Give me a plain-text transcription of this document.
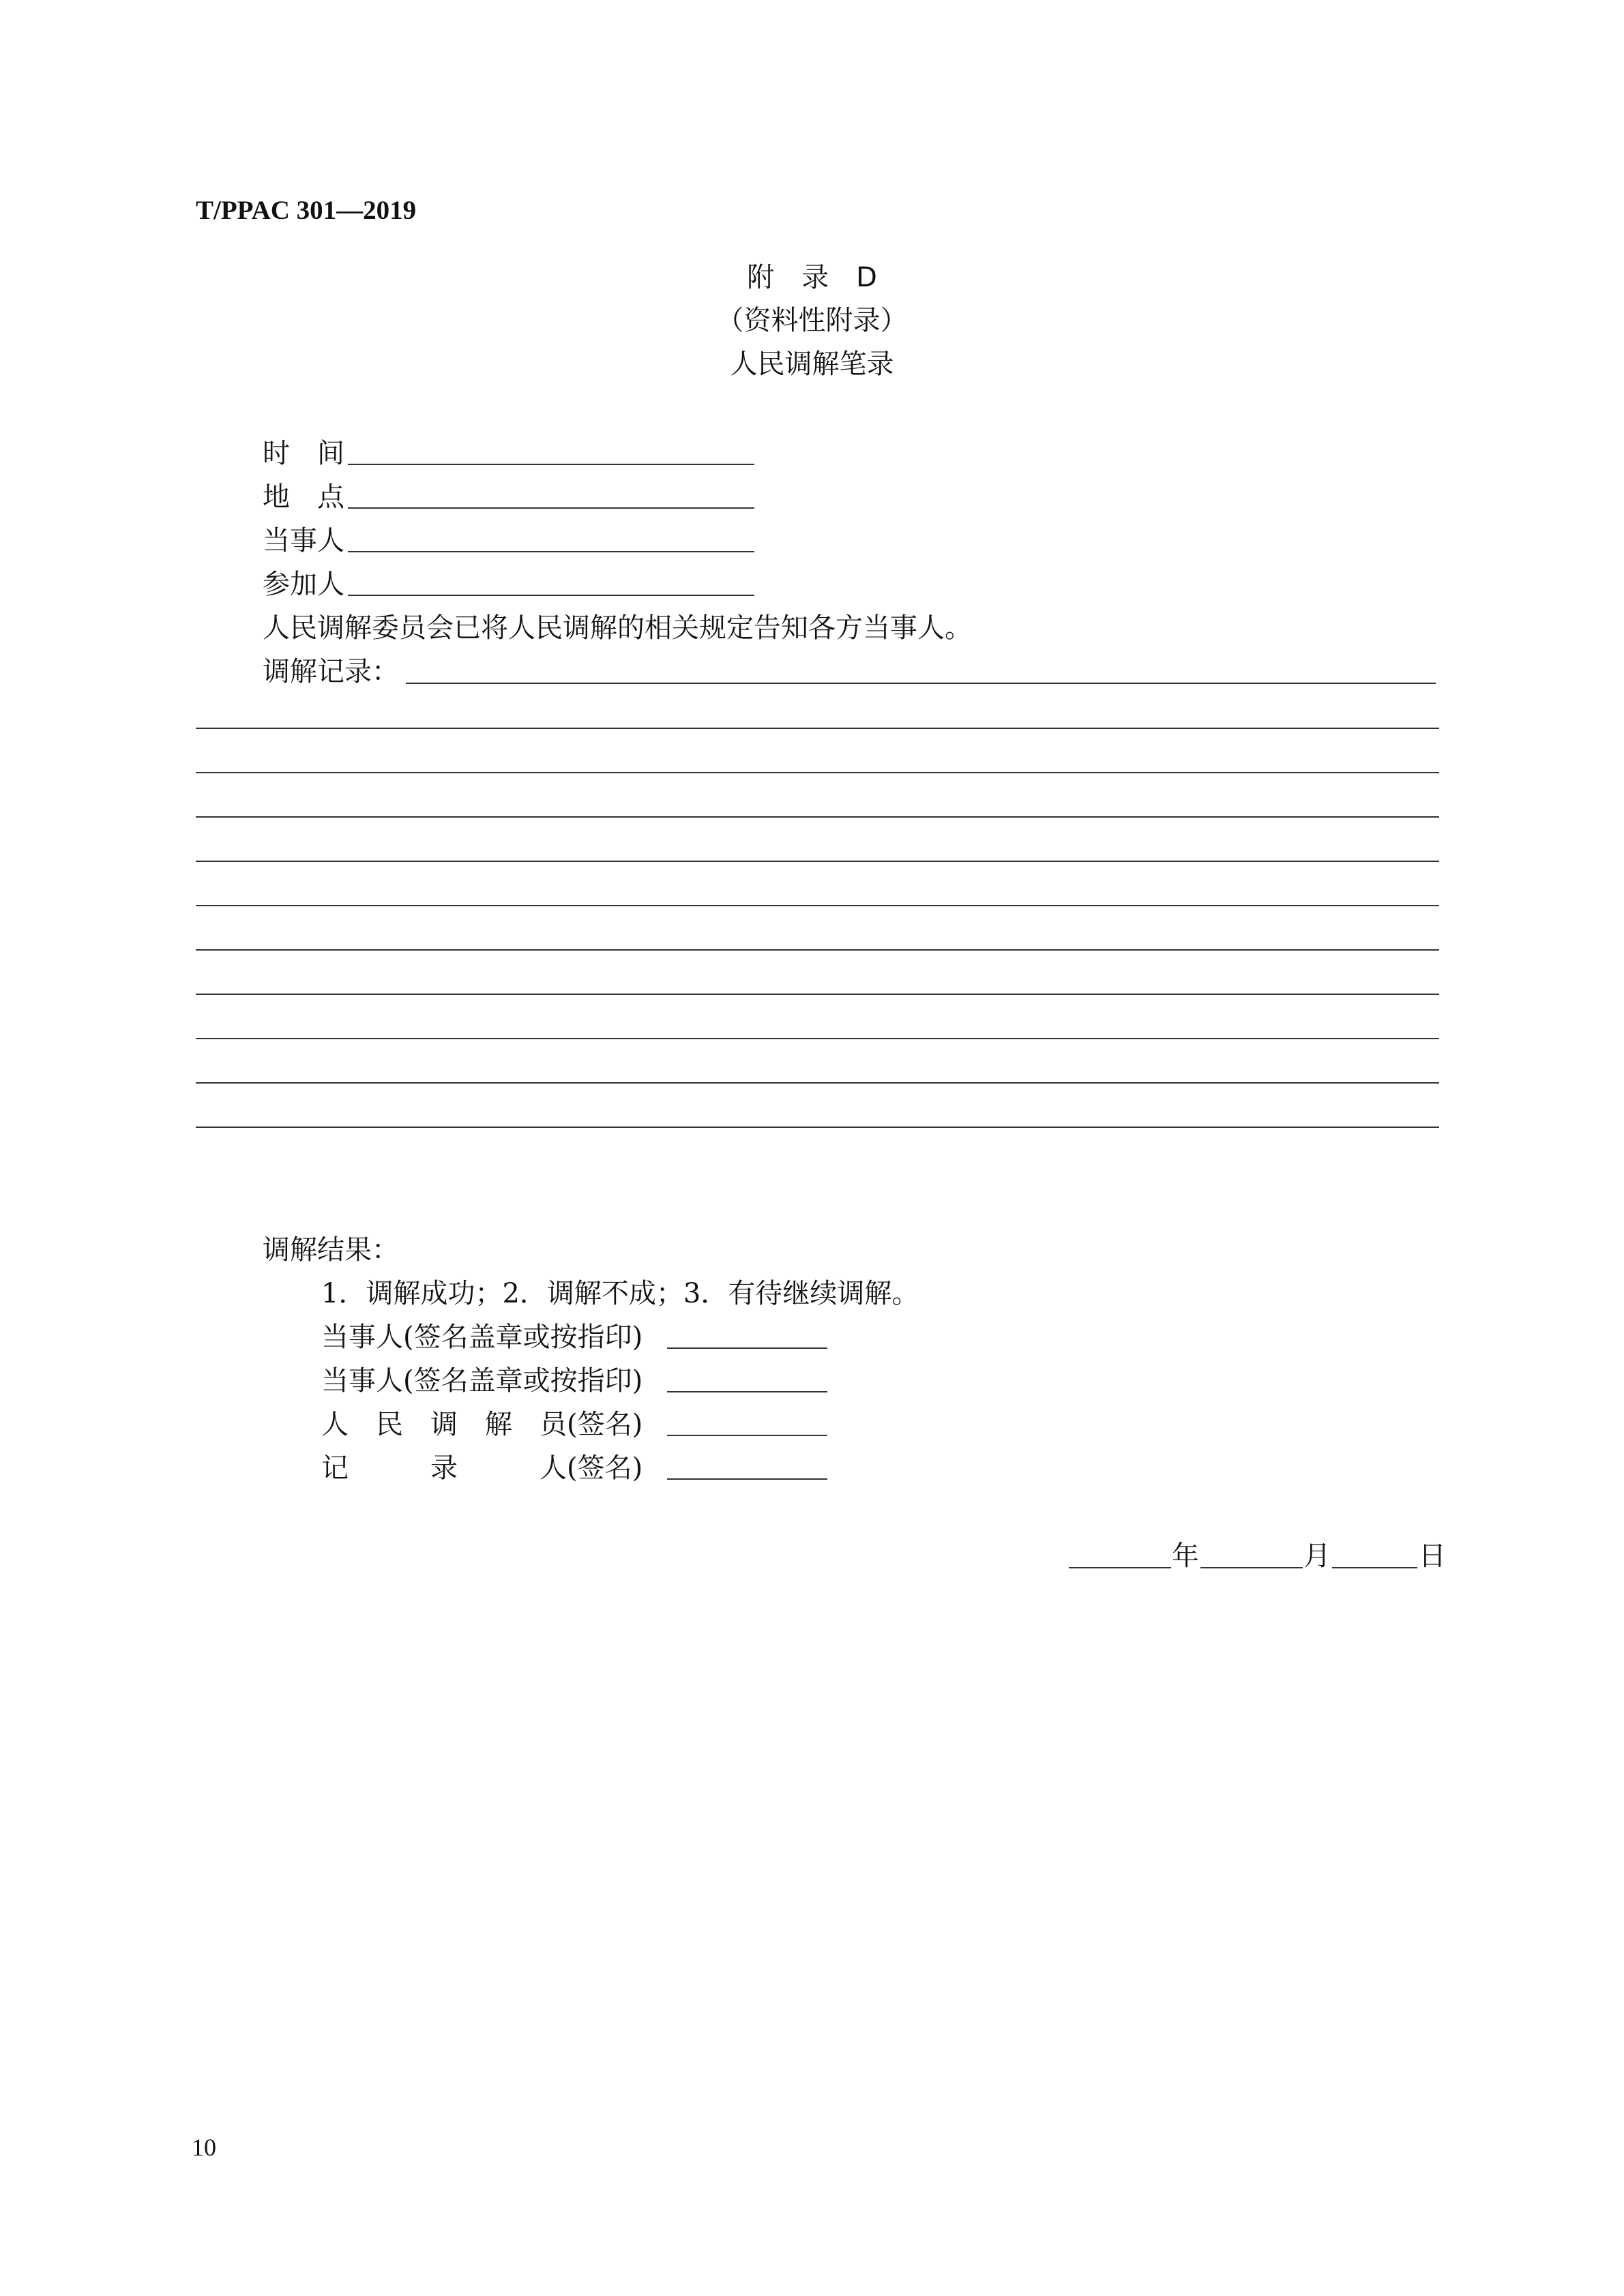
T/PPAC 301—2019
附　录　D
（资料性附录）
人民调解笔录
时　间
地　点
当事人
参加人
人民调解委员会已将人民调解的相关规定告知各方当事人。
调解记录：
调解结果：
1．调解成功；2．调解不成；3．有待继续调解。
当事人(签名盖章或按指印)
当事人(签名盖章或按指印)
人　民　调　解　员(签名)
记　　　录　　　人(签名)
年	月	日
10
